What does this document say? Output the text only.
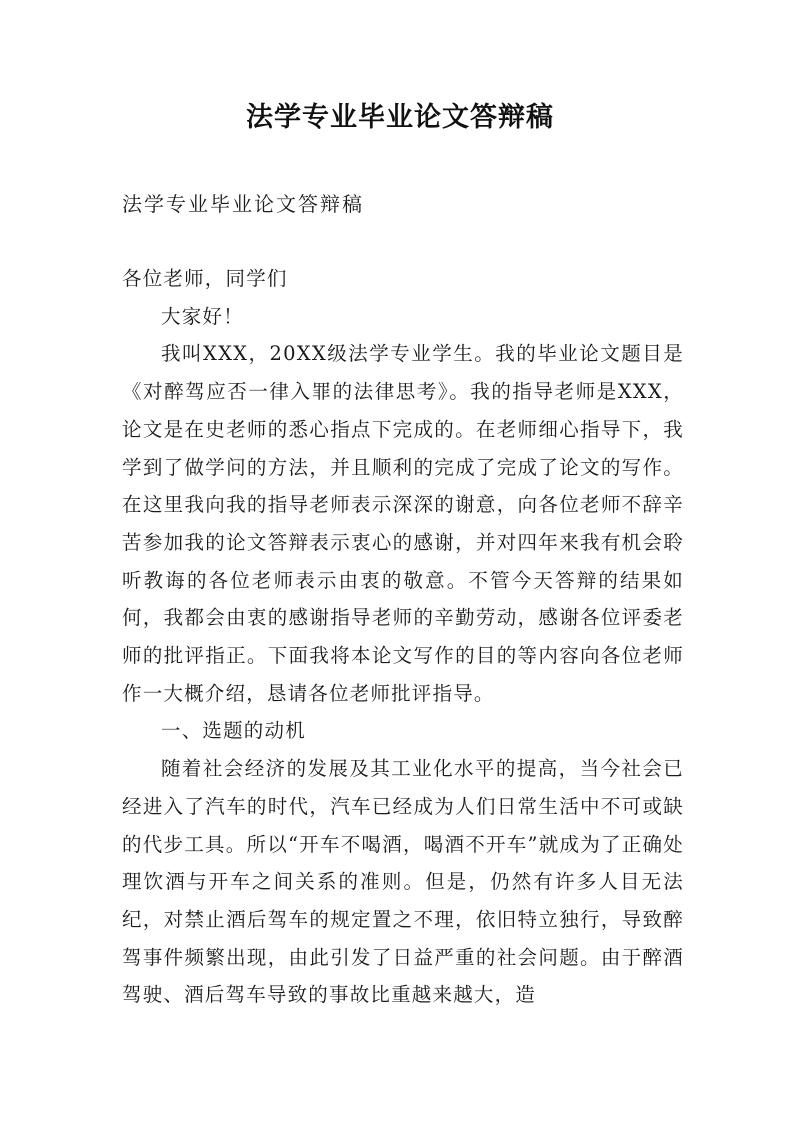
法学专业毕业论文答辩稿

法学专业毕业论文答辩稿

各位老师，同学们

大家好！

我叫XXX，20XX级法学专业学生。我的毕业论文题目是《对醉驾应否一律入罪的法律思考》。我的指导老师是XXX，论文是在史老师的悉心指点下完成的。在老师细心指导下，我学到了做学问的方法，并且顺利的完成了完成了论文的写作。在这里我向我的指导老师表示深深的谢意，向各位老师不辞辛苦参加我的论文答辩表示衷心的感谢，并对四年来我有机会聆听教诲的各位老师表示由衷的敬意。不管今天答辩的结果如何，我都会由衷的感谢指导老师的辛勤劳动，感谢各位评委老师的批评指正。下面我将本论文写作的目的等内容向各位老师作一大概介绍，恳请各位老师批评指导。

一、选题的动机

随着社会经济的发展及其工业化水平的提高，当今社会已经进入了汽车的时代，汽车已经成为人们日常生活中不可或缺的代步工具。所以“开车不喝酒，喝酒不开车”就成为了正确处理饮酒与开车之间关系的准则。但是，仍然有许多人目无法纪，对禁止酒后驾车的规定置之不理，依旧特立独行，导致醉驾事件频繁出现，由此引发了日益严重的社会问题。由于醉酒驾驶、酒后驾车导致的事故比重越来越大，造
